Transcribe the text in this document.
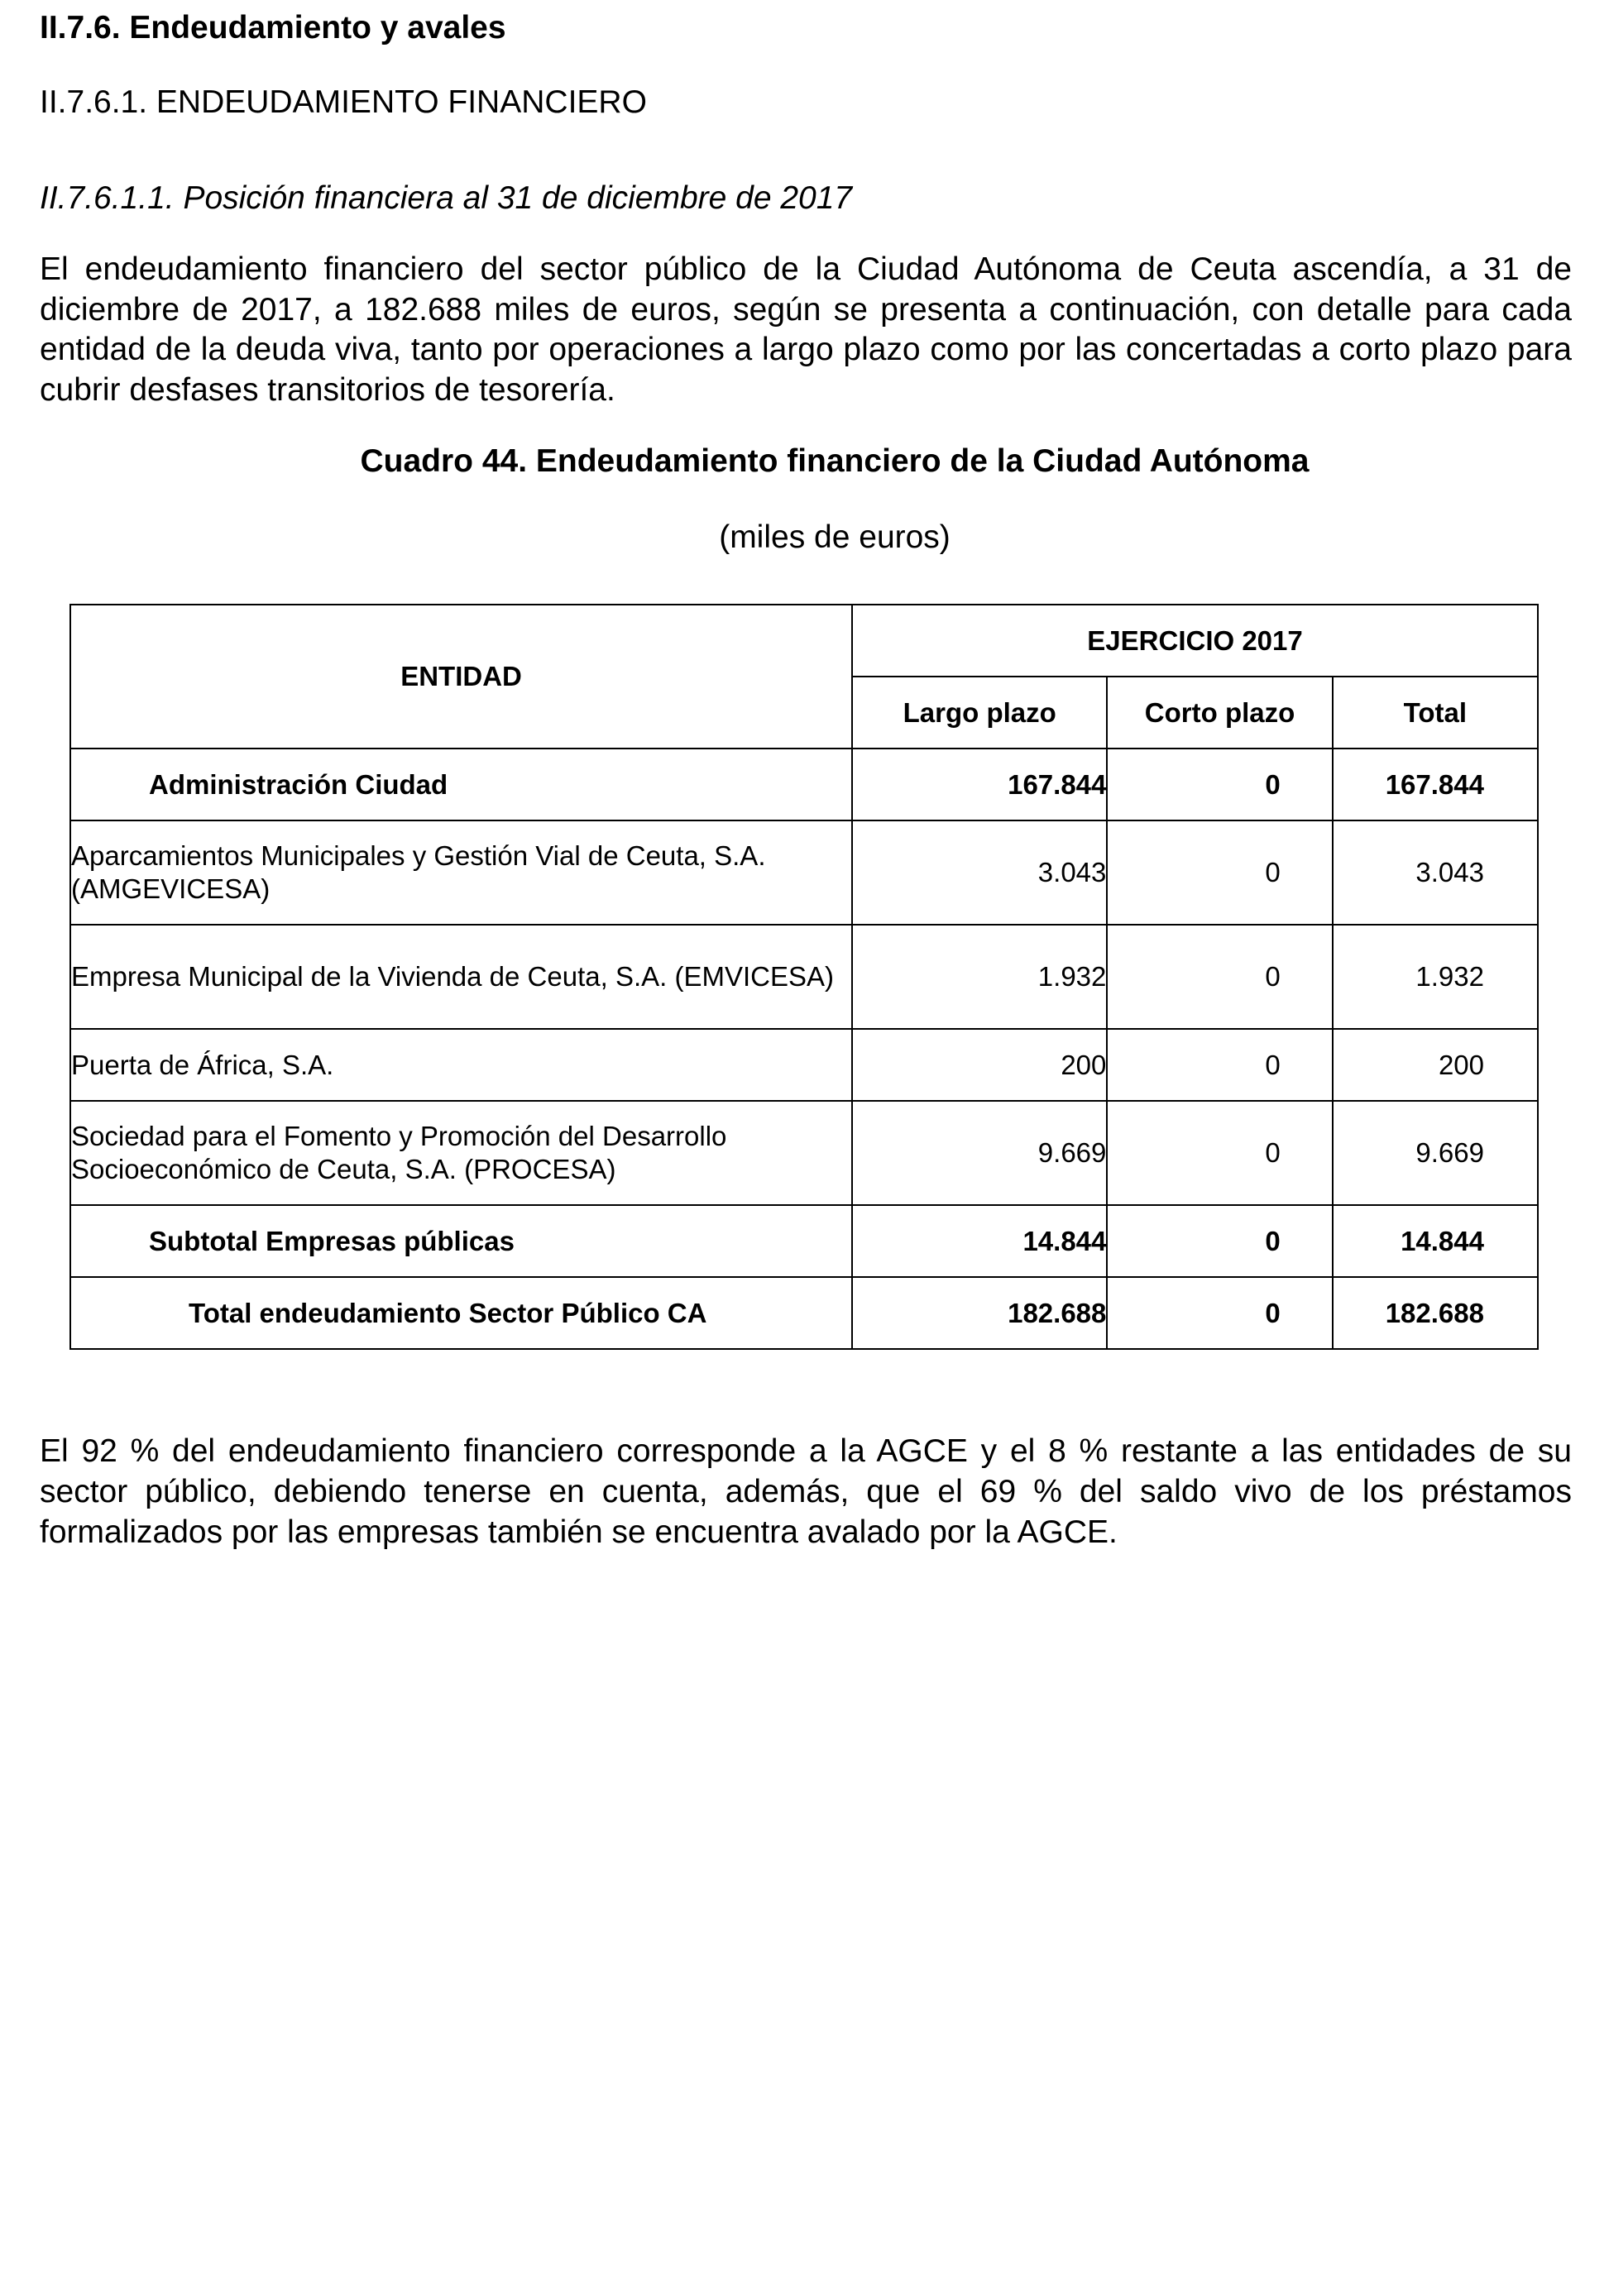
II.7.6. Endeudamiento y avales
II.7.6.1. ENDEUDAMIENTO FINANCIERO
II.7.6.1.1. Posición financiera al 31 de diciembre de 2017

El endeudamiento financiero del sector público de la Ciudad Autónoma de Ceuta ascendía, a 31 de diciembre de 2017, a 182.688 miles de euros, según se presenta a continuación, con detalle para cada entidad de la deuda viva, tanto por operaciones a largo plazo como por las concertadas a corto plazo para cubrir desfases transitorios de tesorería.

Cuadro 44. Endeudamiento financiero de la Ciudad Autónoma
(miles de euros)
ENTIDAD	EJERCICIO 2017		
	Largo plazo	Corto plazo	Total
Administración Ciudad	167.844	0	167.844
Aparcamientos Municipales y Gestión Vial de Ceuta, S.A. (AMGEVICESA)	3.043	0	3.043
Empresa Municipal de la Vivienda de Ceuta, S.A. (EMVICESA)	1.932	0	1.932
Puerta de África, S.A.	200	0	200
Sociedad para el Fomento y Promoción del Desarrollo Socioeconómico de Ceuta, S.A. (PROCESA)	9.669	0	9.669
Subtotal Empresas públicas	14.844	0	14.844
Total endeudamiento Sector Público CA	182.688	0	182.688

El 92 % del endeudamiento financiero corresponde a la AGCE y el 8 % restante a las entidades de su sector público, debiendo tenerse en cuenta, además, que el 69 % del saldo vivo de los préstamos formalizados por las empresas también se encuentra avalado por la AGCE.
